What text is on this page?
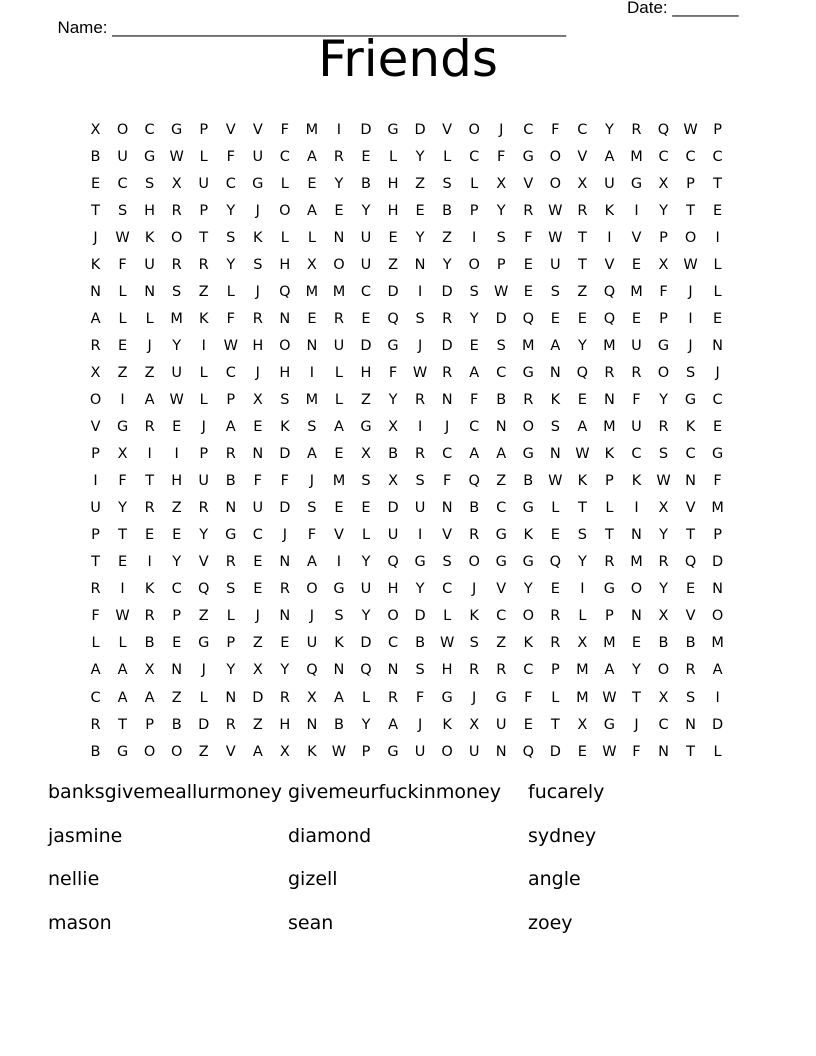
Name: ________________________________________________

Date: _______

Friends
X	O	C	G	P	V	V	F	M	I	D	G	D	V	O	J	C	F	C	Y	R	Q W	P
B	U	G W	L	F	U	C	A	R	E	L	Y	L	C	F	G	O	V	A	M	C	C	C
E	C	S	X	U	C	G	L	E	Y	B	H	Z	S	L	X	V	O	X	U	G	X	P	T
T	S	H	R	P	Y	J	O	A	E	Y	H	E	B	P	Y	R	W	R	K	I	Y	T	E
J	W	K	O	T	S	K	L	L	N	U	E	Y	Z	I	S	F	W	T	I	V	P	O	I
K	F	U	R	R	Y	S	H	X	O	U	Z	N	Y	O	P	E	U	T	V	E	X	W	L
N	L	N	S	Z	L	J	Q	M	M	C	D	I	D	S	W	E	S	Z	Q	M	F	J	L
A	L	L	M	K	F	R	N	E	R	E	Q	S	R	Y	D	Q	E	E	Q	E	P	I	E
R	E	J	Y	I	W H	O	N	U	D	G	J	D	E	S	M	A	Y	M	U	G	J	N
X	Z	Z	U	L	C	J	H	I	L	H	F	W	R	A	C	G	N	Q	R	R	O	S	J
O	I	A	W	L	P	X	S	M	L	Z	Y	R	N	F	B	R	K	E	N	F	Y	G	C
V	G	R	E	J	A	E	K	S	A	G	X	I	J	C	N	O	S	A	M	U	R	K	E
P	X	I	I	P	R	N	D	A	E	X	B	R	C	A	A	G	N W	K	C	S	C	G
I	F	T	H	U	B	F	F	J	M	S	X	S	F	Q	Z	B	W	K	P	K	W N	F
U	Y	R	Z	R	N	U	D	S	E	E	D	U	N	B	C	G	L	T	L	I	X	V	M
P	T	E	E	Y	G	C	J	F	V	L	U	I	V	R	G	K	E	S	T	N	Y	T	P
T	E	I	Y	V	R	E	N	A	I	Y	Q	G	S	O	G	G	Q	Y	R	M	R	Q	D
R	I	K	C	Q	S	E	R	O	G	U	H	Y	C	J	V	Y	E	I	G	O	Y	E	N
F	W	R	P	Z	L	J	N	J	S	Y	O	D	L	K	C	O	R	L	P	N	X	V	O
L	L	B	E	G	P	Z	E	U	K	D	C	B	W	S	Z	K	R	X	M	E	B	B	M
A	A	X	N	J	Y	X	Y	Q	N	Q	N	S	H	R	R	C	P	M	A	Y	O	R	A
C	A	A	Z	L	N	D	R	X	A	L	R	F	G	J	G	F	L	M W	T	X	S	I
R	T	P	B	D	R	Z	H	N	B	Y	A	J	K	X	U	E	T	X	G	J	C	N	D
B	G	O	O	Z	V	A	X	K	W	P	G	U	O	U	N	Q	D	E	W	F	N	T	L
banksgivemeallurmoney givemeurfuckinmoney	fucarely
jasmine	diamond	sydney
nellie	gizell	angle
mason	sean	zoey
